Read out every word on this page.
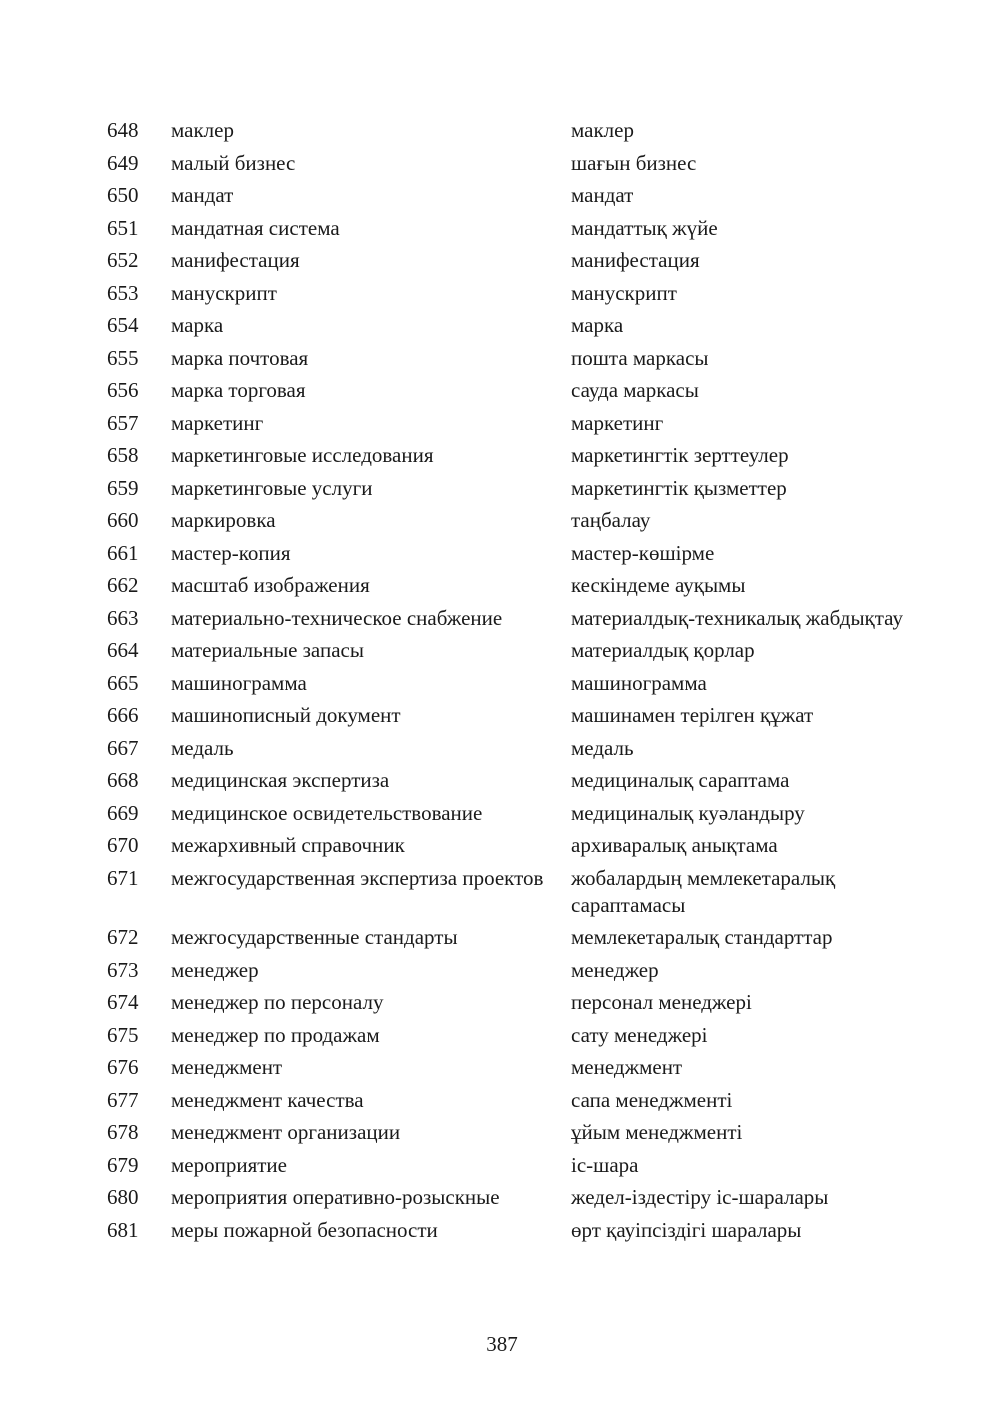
648	маклер	маклер
649	малый бизнес	шағын бизнес
650	мандат	мандат
651	мандатная система	мандаттық жүйе
652	манифестация	манифестация
653	манускрипт	манускрипт
654	марка	марка
655	марка почтовая	пошта маркасы
656	марка торговая	сауда маркасы
657	маркетинг	маркетинг
658	маркетинговые исследования	маркетингтік зерттеулер
659	маркетинговые услуги	маркетингтік қызметтер
660	маркировка	таңбалау
661	мастер-копия	мастер-көшірме
662	масштаб изображения	кескіндеме ауқымы
663	материально-техническое снабжение	материалдық-техникалық жабдықтау
664	материальные запасы	материалдық қорлар
665	машинограмма	машинограмма
666	машинописный документ	машинамен терілген құжат
667	медаль	медаль
668	медицинская экспертиза	медициналық сараптама
669	медицинское освидетельствование	медициналық куәландыру
670	межархивный справочник	архиваралық анықтама
671	межгосударственная экспертиза проектов	жобалардың мемлекетаралық сараптамасы
672	межгосударственные стандарты	мемлекетаралық стандарттар
673	менеджер	менеджер
674	менеджер по персоналу	персонал менеджері
675	менеджер по продажам	сату менеджері
676	менеджмент	менеджмент
677	менеджмент качества	сапа менеджменті
678	менеджмент организации	ұйым менеджменті
679	мероприятие	іс-шара
680	мероприятия оперативно-розыскные	жедел-іздестіру іс-шаралары
681	меры пожарной безопасности	өрт қауіпсіздігі шаралары
387
